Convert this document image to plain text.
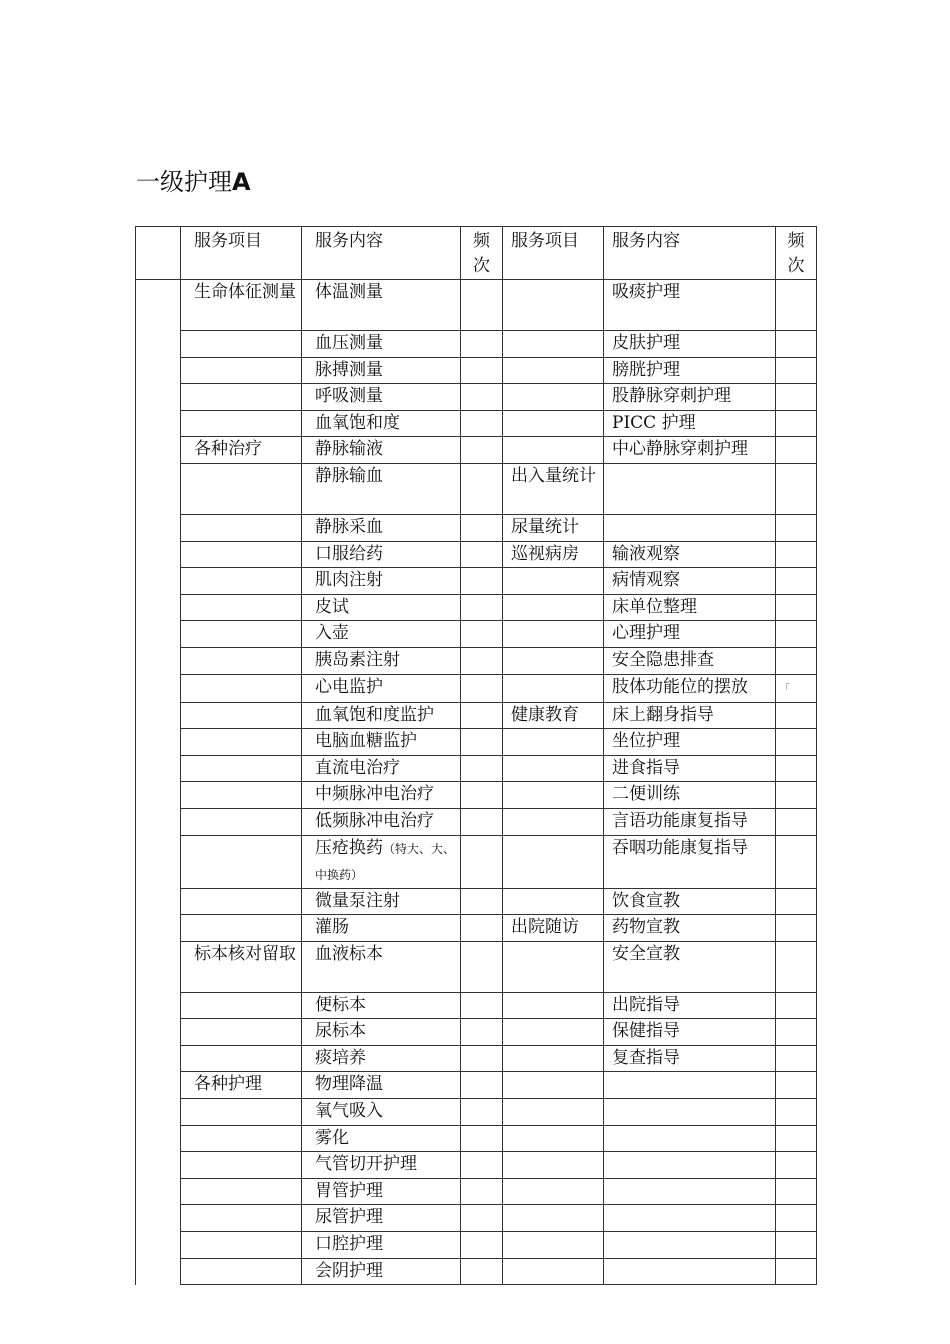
一级护理A
	服务项目	服务内容	频次	服务项目	服务内容	频次
	生命体征测量	体温测量			吸痰护理	
		血压测量			皮肤护理	
		脉搏测量			膀胱护理	
		呼吸测量			股静脉穿刺护理	
		血氧饱和度			PICC 护理	
	各种治疗	静脉输液			中心静脉穿刺护理	
		静脉输血		出入量统计		
		静脉采血		尿量统计		
		口服给药		巡视病房	输液观察	
		肌肉注射			病情观察	
		皮试			床单位整理	
		入壶			心理护理	
		胰岛素注射			安全隐患排查	
		心电监护			肢体功能位的摆放	「
		血氧饱和度监护		健康教育	床上翻身指导	
		电脑血糖监护			坐位护理	
		直流电治疗			进食指导	
		中频脉冲电治疗			二便训练	
		低频脉冲电治疗			言语功能康复指导	
		压疮换药（特大、大、中换药）			吞咽功能康复指导	
		微量泵注射			饮食宣教	
		灌肠		出院随访	药物宣教	
	标本核对留取	血液标本			安全宣教	
		便标本			出院指导	
		尿标本			保健指导	
		痰培养			复查指导	
	各种护理	物理降温				
		氧气吸入				
		雾化				
		气管切开护理				
		胃管护理				
		尿管护理				
		口腔护理				
		会阴护理				
